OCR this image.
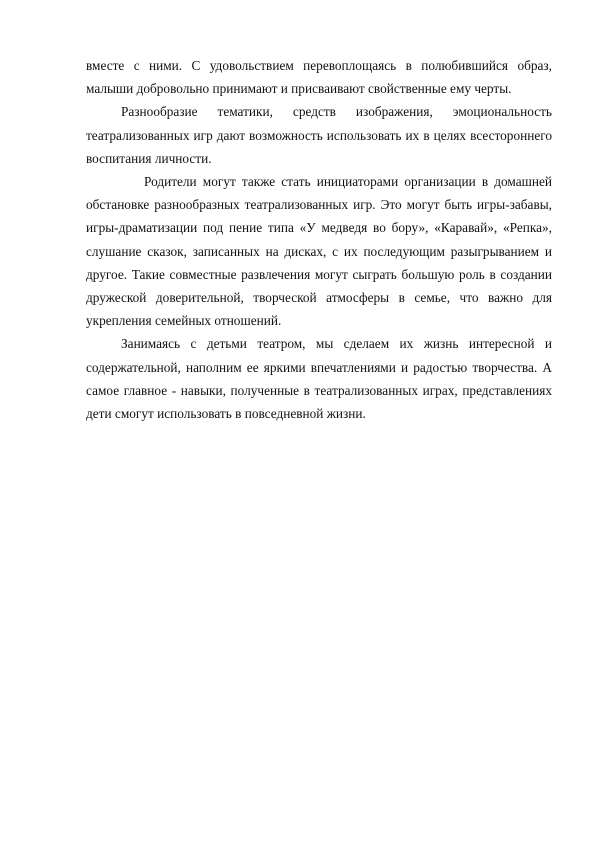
вместе с ними. С удовольствием перевоплощаясь в полюбившийся образ, малыши добровольно принимают и присваивают свойственные ему черты.

Разнообразие тематики, средств изображения, эмоциональность театрализованных игр дают возможность использовать их в целях всестороннего воспитания личности.

Родители могут также стать инициаторами организации в домашней обстановке разнообразных театрализованных игр. Это могут быть игры-забавы, игры-драматизации под пение типа «У медведя во бору», «Каравай», «Репка», слушание сказок, записанных на дисках, с их последующим разыгрыванием и другое. Такие совместные развлечения могут сыграть большую роль в создании дружеской доверительной, творческой атмосферы в семье, что важно для укрепления семейных отношений.

Занимаясь с детьми театром, мы сделаем их жизнь интересной и содержательной, наполним ее яркими впечатлениями и радостью творчества. А самое главное - навыки, полученные в театрализованных играх, представлениях дети смогут использовать в повседневной жизни.
